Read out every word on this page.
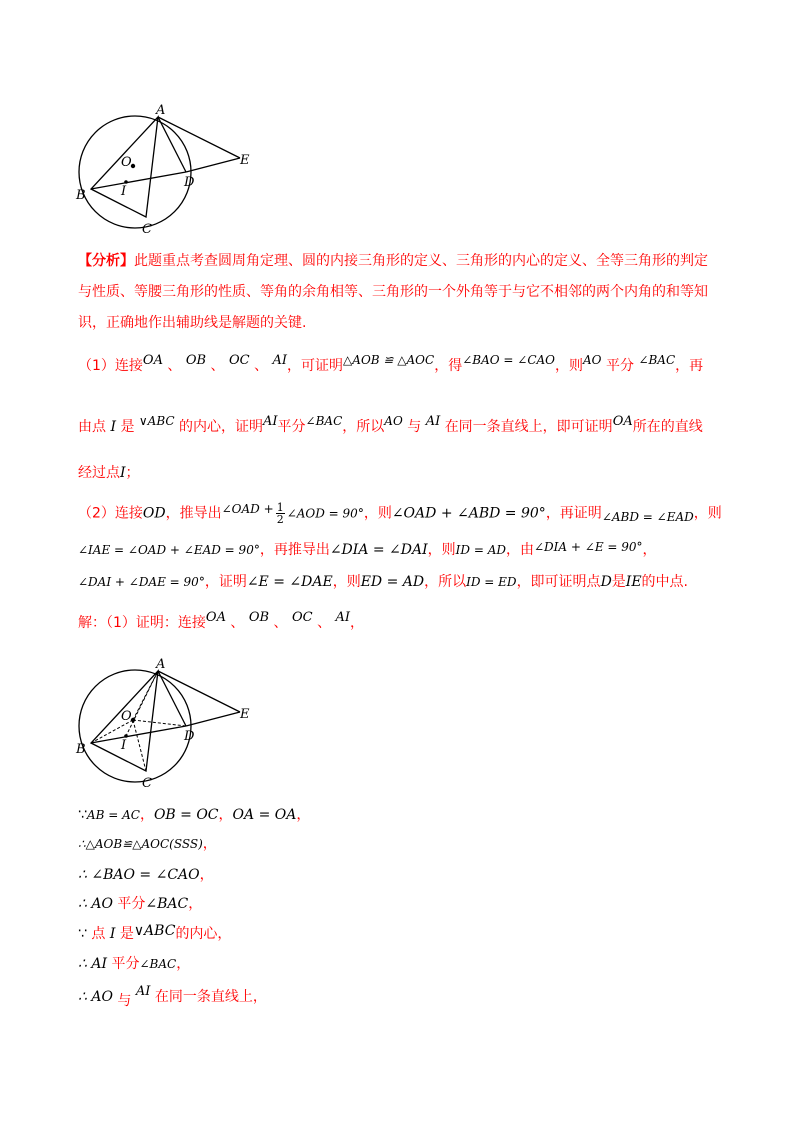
A
B
C
D
E
O
I
【分析】此题重点考查圆周角定理、圆的内接三角形的定义、三角形的内心的定义、全等三角形的判定
与性质、等腰三角形的性质、等角的余角相等、三角形的一个外角等于与它不相邻的两个内角的和等知
识，正确地作出辅助线是解题的关键.
（1）连接OA 、 OB 、 OC 、 AI，可证明△AOB ≌ △AOC，得∠BAO = ∠CAO，则AO 平分 ∠BAC，再
由点 I 是 ∨ABC 的内心，证明AI平分∠BAC，所以AO 与 AI 在同一条直线上，即可证明OA所在的直线
经过点I；
（2）连接OD，推导出∠OAD + $\frac{1}{2}$ ∠AOD = 90°，则∠OAD + ∠ABD = 90°，再证明∠ABD = ∠EAD，则
∠IAE = ∠OAD + ∠EAD = 90°，再推导出∠DIA = ∠DAI，则ID = AD，由∠DIA + ∠E = 90°，
∠DAI + ∠DAE = 90°，证明∠E = ∠DAE，则ED = AD，所以ID = ED，即可证明点D是IE的中点.
解：（1）证明：连接OA 、 OB 、 OC 、 AI，
A
B
C
D
E
O
I
∵AB = AC，OB = OC，OA = OA，
∴△AOB≌△AOC(SSS)，
∴ ∠BAO = ∠CAO，
∴ AO 平分∠BAC，
∵ 点 I 是∨ABC的内心，
∴ AI 平分∠BAC，
∴ AO 与 AI 在同一条直线上，
